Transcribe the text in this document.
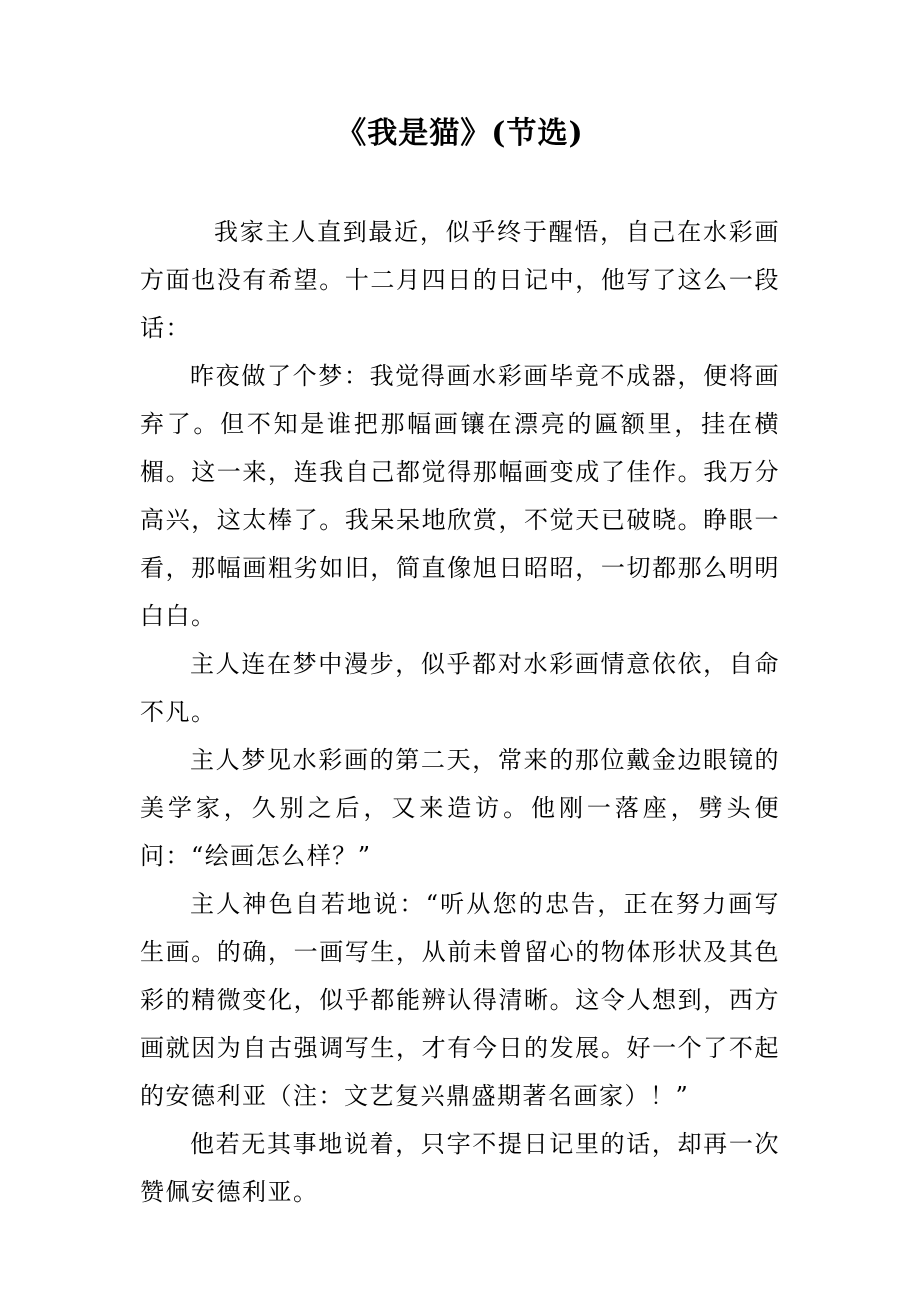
《我是猫》(节选)
我家主人直到最近，似乎终于醒悟，自己在水彩画方面也没有希望。十二月四日的日记中，他写了这么一段话：

昨夜做了个梦：我觉得画水彩画毕竟不成器，便将画弃了。但不知是谁把那幅画镶在漂亮的匾额里，挂在横楣。这一来，连我自己都觉得那幅画变成了佳作。我万分高兴，这太棒了。我呆呆地欣赏，不觉天已破晓。睁眼一看，那幅画粗劣如旧，简直像旭日昭昭，一切都那么明明白白。

主人连在梦中漫步，似乎都对水彩画情意依依，自命不凡。

主人梦见水彩画的第二天，常来的那位戴金边眼镜的美学家，久别之后，又来造访。他刚一落座，劈头便问：“绘画怎么样？”

主人神色自若地说：“听从您的忠告，正在努力画写生画。的确，一画写生，从前未曾留心的物体形状及其色彩的精微变化，似乎都能辨认得清晰。这令人想到，西方画就因为自古强调写生，才有今日的发展。好一个了不起的安德利亚（注：文艺复兴鼎盛期著名画家）！”

他若无其事地说着，只字不提日记里的话，却再一次赞佩安德利亚。
